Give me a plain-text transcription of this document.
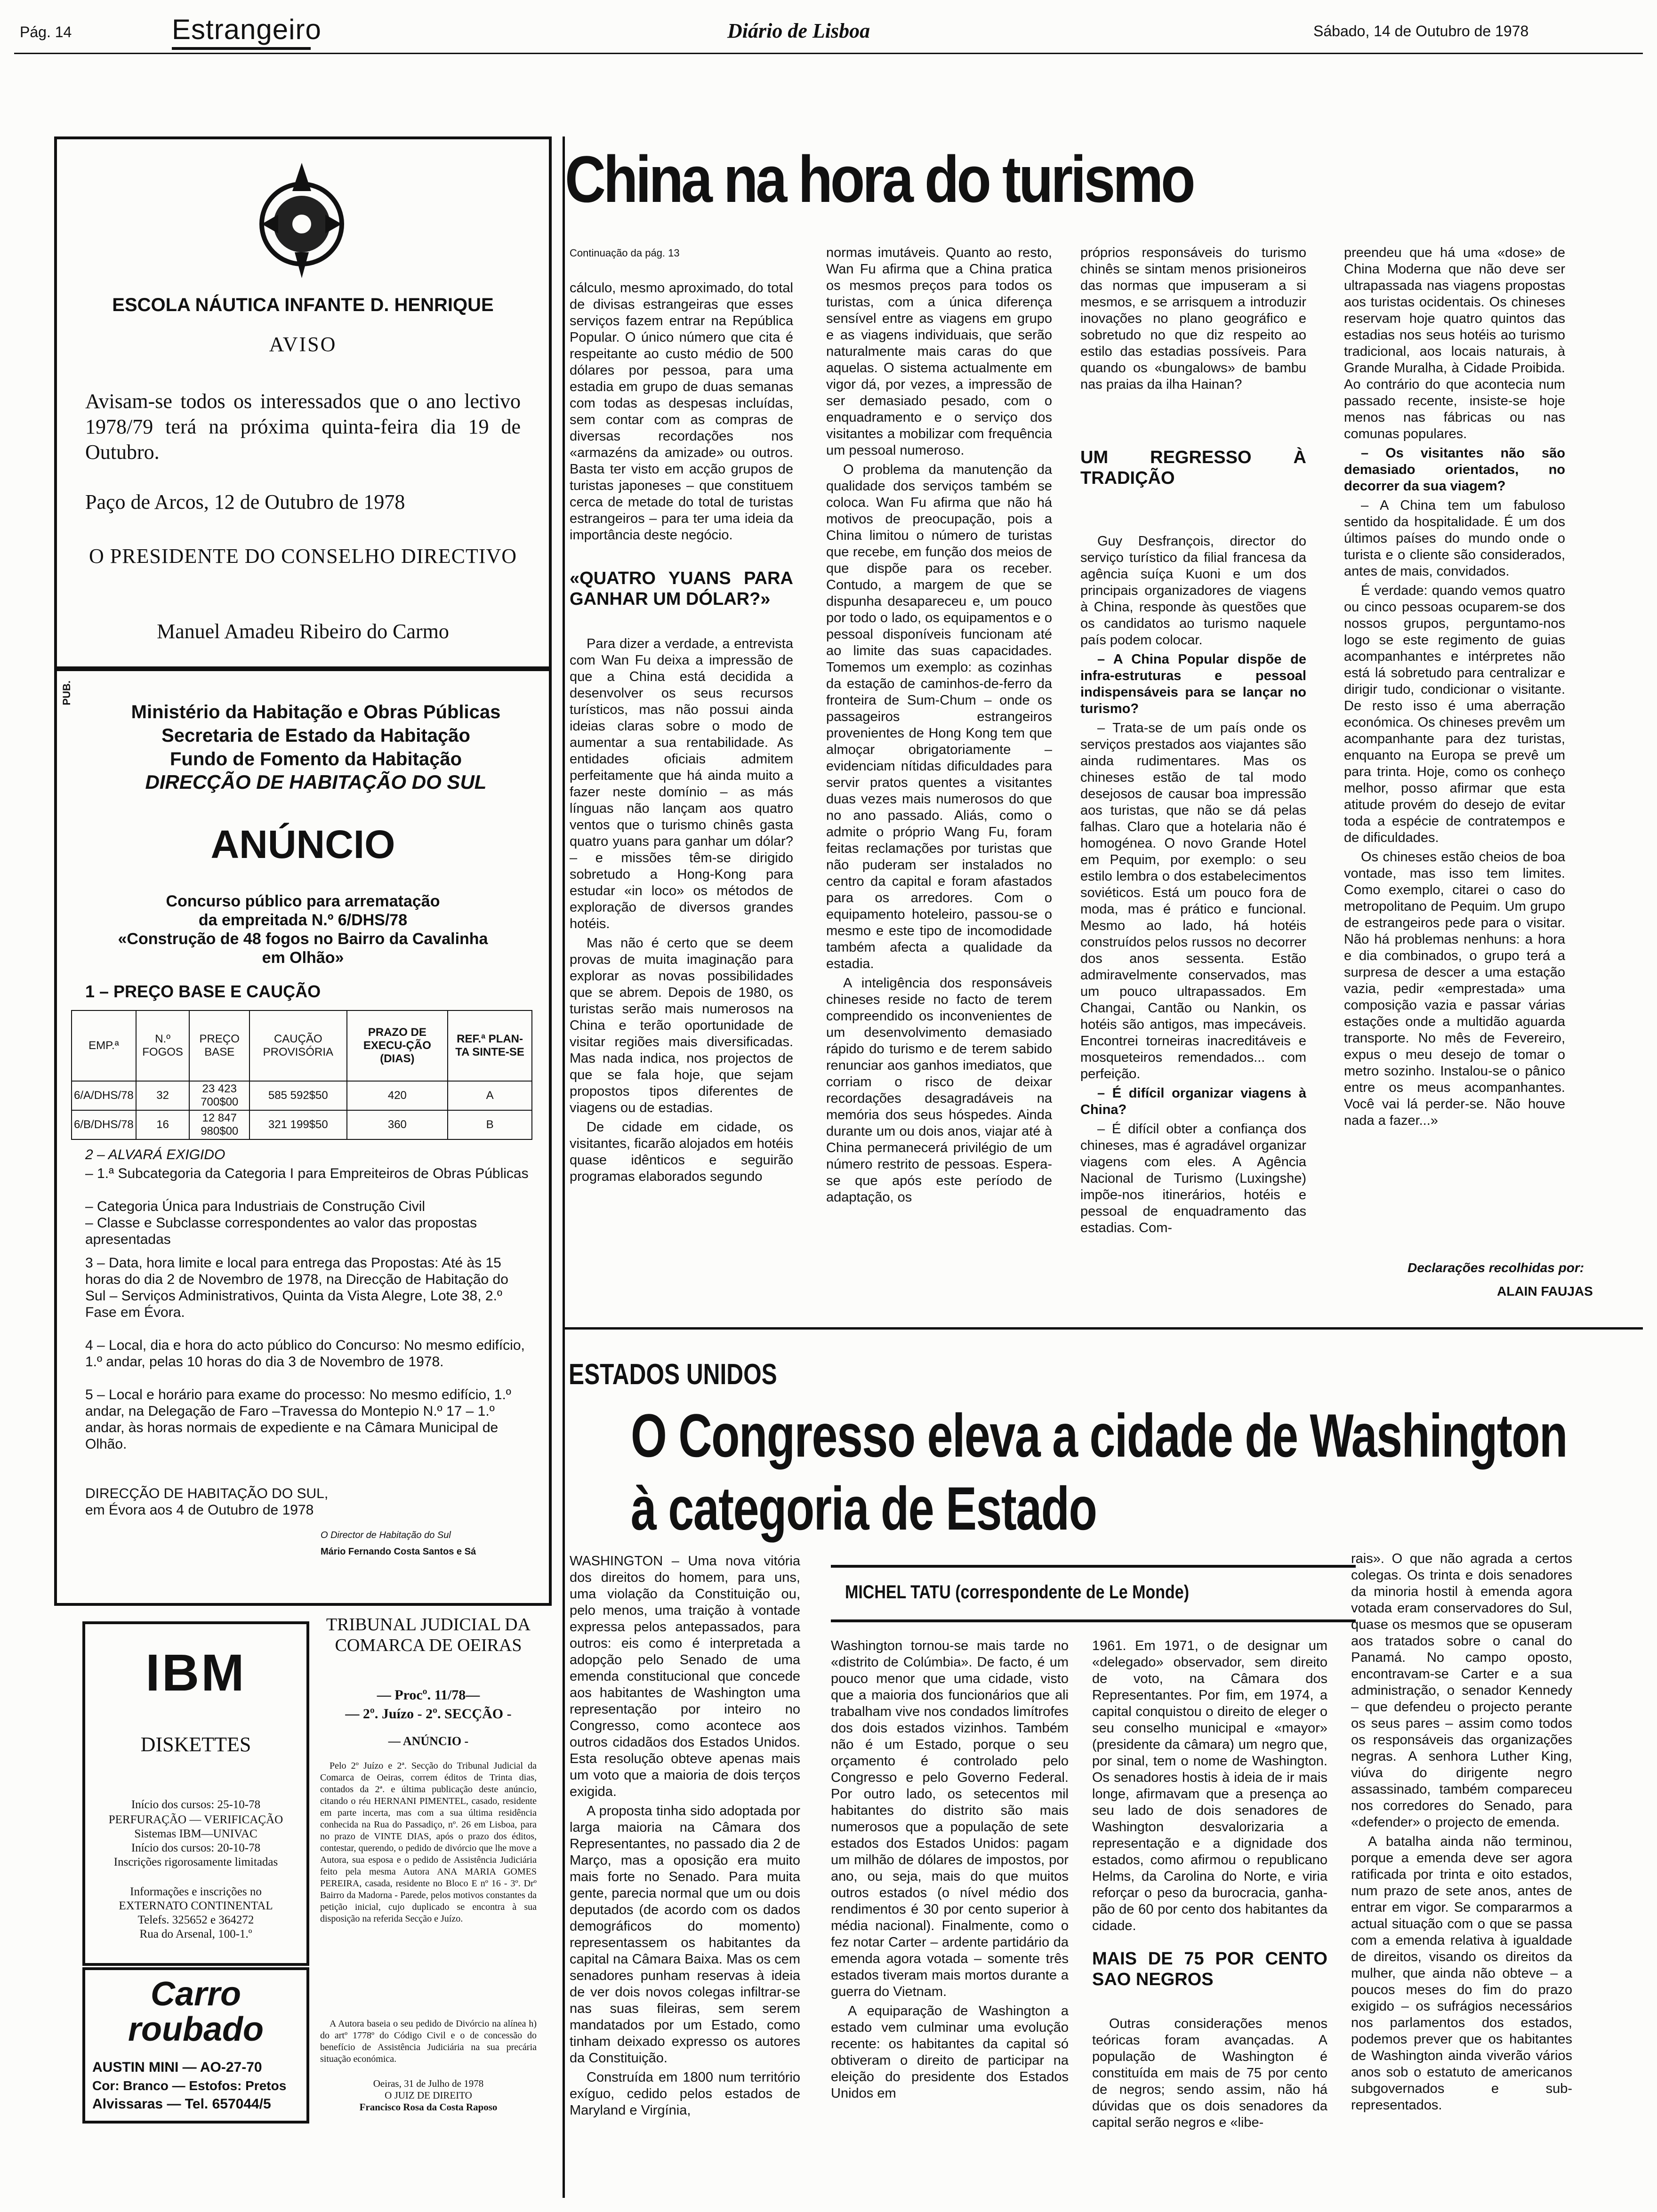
Pág. 14	Estrangeiro	Diário de Lisboa	Sábado, 14 de Outubro de 1978
ESCOLA NÁUTICA INFANTE D. HENRIQUE
AVISO
Avisam-se todos os interessados que o ano lectivo 1978/79 terá na próxima quinta-feira dia 19 de Outubro.
Paço de Arcos, 12 de Outubro de 1978
O PRESIDENTE DO CONSELHO DIRECTIVO
Manuel Amadeu Ribeiro do Carmo
PUB.
Ministério da Habitação e Obras Públicas
Secretaria de Estado da Habitação
Fundo de Fomento da Habitação
DIRECÇÃO DE HABITAÇÃO DO SUL
ANÚNCIO
Concurso público para arrematação
da empreitada N.º 6/DHS/78
«Construção de 48 fogos no Bairro da Cavalinha
em Olhão»
1 – PREÇO BASE E CAUÇÃO
EMP.ª	N.º FOGOS	PREÇO BASE	CAUÇÃO PROVISÓRIA	PRAZO DE EXECU-ÇÃO (DIAS)	REF.ª PLAN-TA SINTE-SE
6/A/DHS/78	32	23 423 700$00	585 592$50	420	A
6/B/DHS/78	16	12 847 980$00	321 199$50	360	B
2 – ALVARÁ EXIGIDO
– 1.ª Subcategoria da Categoria I para Empreiteiros de Obras Públicas
– Categoria Única para Industriais de Construção Civil
– Classe e Subclasse correspondentes ao valor das propostas apresentadas
3 – Data, hora limite e local para entrega das Propostas: Até às 15 horas do dia 2 de Novembro de 1978, na Direcção de Habitação do Sul – Serviços Administrativos, Quinta da Vista Alegre, Lote 38, 2.º Fase em Évora.
4 – Local, dia e hora do acto público do Concurso: No mesmo edifício, 1.º andar, pelas 10 horas do dia 3 de Novembro de 1978.
5 – Local e horário para exame do processo: No mesmo edifício, 1.º andar, na Delegação de Faro –Travessa do Montepio N.º 17 – 1.º andar, às horas normais de expediente e na Câmara Municipal de Olhão.
DIRECÇÃO DE HABITAÇÃO DO SUL,
em Évora aos 4 de Outubro de 1978
O Director de Habitação do Sul
Mário Fernando Costa Santos e Sá
IBM
DISKETTES
Início dos cursos: 25-10-78
PERFURAÇÃO — VERIFICAÇÃO
Sistemas IBM—UNIVAC
Início dos cursos: 20-10-78
Inscrições rigorosamente limitadas
Informações e inscrições no
EXTERNATO CONTINENTAL
Telefs. 325652 e 364272
Rua do Arsenal, 100-1.º
Carro
roubado
AUSTIN MINI — AO-27-70
Cor: Branco — Estofos: Pretos
Alvissaras — Tel. 657044/5
TRIBUNAL JUDICIAL DA COMARCA DE OEIRAS
— Procº. 11/78—
— 2º. Juízo - 2º. SECÇÃO -
— ANÚNCIO -
Pelo 2º Juízo e 2ª. Secção do Tribunal Judicial da Comarca de Oeiras, correm éditos de Trinta dias, contados da 2ª. e última publicação deste anúncio, citando o réu HERNANI PIMENTEL, casado, residente em parte incerta, mas com a sua última residência conhecida na Rua do Passadiço, nº. 26 em Lisboa, para no prazo de VINTE DIAS, após o prazo dos éditos, contestar, querendo, o pedido de divórcio que lhe move a Autora, sua esposa e o pedido de Assistência Judiciária feito pela mesma Autora ANA MARIA GOMES PEREIRA, casada, residente no Bloco E nº 16 - 3º. Drº Bairro da Madorna - Parede, pelos motivos constantes da petição inicial, cujo duplicado se encontra à sua disposição na referida Secção e Juízo.
A Autora baseia o seu pedido de Divórcio na alínea h) do artº 1778º do Código Civil e o de concessão do benefício de Assistência Judiciária na sua precária situação económica.
Oeiras, 31 de Julho de 1978
O JUIZ DE DIREITO
Francisco Rosa da Costa Raposo
China na hora do turismo
Continuação da pág. 13

cálculo, mesmo aproximado, do total de divisas estrangeiras que esses serviços fazem entrar na República Popular. O único número que cita é respeitante ao custo médio de 500 dólares por pessoa, para uma estadia em grupo de duas semanas com todas as despesas incluídas, sem contar com as compras de diversas recordações nos «armazéns da amizade» ou outros. Basta ter visto em acção grupos de turistas japoneses – que constituem cerca de metade do total de turistas estrangeiros – para ter uma ideia da importância deste negócio.

«QUATRO YUANS PARA GANHAR UM DÓLAR?»

Para dizer a verdade, a entrevista com Wan Fu deixa a impressão de que a China está decidida a desenvolver os seus recursos turísticos, mas não possui ainda ideias claras sobre o modo de aumentar a sua rentabilidade. As entidades oficiais admitem perfeitamente que há ainda muito a fazer neste domínio – as más línguas não lançam aos quatro ventos que o turismo chinês gasta quatro yuans para ganhar um dólar? – e missões têm-se dirigido sobretudo a Hong-Kong para estudar «in loco» os métodos de exploração de diversos grandes hotéis.

Mas não é certo que se deem provas de muita imaginação para explorar as novas possibilidades que se abrem. Depois de 1980, os turistas serão mais numerosos na China e terão oportunidade de visitar regiões mais diversificadas. Mas nada indica, nos projectos de que se fala hoje, que sejam propostos tipos diferentes de viagens ou de estadias.

De cidade em cidade, os visitantes, ficarão alojados em hotéis quase idênticos e seguirão programas elaborados segundo

normas imutáveis. Quanto ao resto, Wan Fu afirma que a China pratica os mesmos preços para todos os turistas, com a única diferença sensível entre as viagens em grupo e as viagens individuais, que serão naturalmente mais caras do que aquelas. O sistema actualmente em vigor dá, por vezes, a impressão de ser demasiado pesado, com o enquadramento e o serviço dos visitantes a mobilizar com frequência um pessoal numeroso.

O problema da manutenção da qualidade dos serviços também se coloca. Wan Fu afirma que não há motivos de preocupação, pois a China limitou o número de turistas que recebe, em função dos meios de que dispõe para os receber. Contudo, a margem de que se dispunha desapareceu e, um pouco por todo o lado, os equipamentos e o pessoal disponíveis funcionam até ao limite das suas capacidades. Tomemos um exemplo: as cozinhas da estação de caminhos-de-ferro da fronteira de Sum-Chum – onde os passageiros estrangeiros provenientes de Hong Kong tem que almoçar obrigatoriamente – evidenciam nítidas dificuldades para servir pratos quentes a visitantes duas vezes mais numerosos do que no ano passado. Aliás, como o admite o próprio Wang Fu, foram feitas reclamações por turistas que não puderam ser instalados no centro da capital e foram afastados para os arredores. Com o equipamento hoteleiro, passou-se o mesmo e este tipo de incomodidade também afecta a qualidade da estadia.

A inteligência dos responsáveis chineses reside no facto de terem compreendido os inconvenientes de um desenvolvimento demasiado rápido do turismo e de terem sabido renunciar aos ganhos imediatos, que corriam o risco de deixar recordações desagradáveis na memória dos seus hóspedes. Ainda durante um ou dois anos, viajar até à China permanecerá privilégio de um número restrito de pessoas. Espera-se que após este período de adaptação, os

próprios responsáveis do turismo chinês se sintam menos prisioneiros das normas que impuseram a si mesmos, e se arrisquem a introduzir inovações no plano geográfico e sobretudo no que diz respeito ao estilo das estadias possíveis. Para quando os «bungalows» de bambu nas praias da ilha Hainan?

UM REGRESSO À TRADIÇÃO

Guy Desfrançois, director do serviço turístico da filial francesa da agência suíça Kuoni e um dos principais organizadores de viagens à China, responde às questões que os candidatos ao turismo naquele país podem colocar.

– A China Popular dispõe de infra-estruturas e pessoal indispensáveis para se lançar no turismo?

– Trata-se de um país onde os serviços prestados aos viajantes são ainda rudimentares. Mas os chineses estão de tal modo desejosos de causar boa impressão aos turistas, que não se dá pelas falhas. Claro que a hotelaria não é homogénea. O novo Grande Hotel em Pequim, por exemplo: o seu estilo lembra o dos estabelecimentos soviéticos. Está um pouco fora de moda, mas é prático e funcional. Mesmo ao lado, há hotéis construídos pelos russos no decorrer dos anos sessenta. Estão admiravelmente conservados, mas um pouco ultrapassados. Em Changai, Cantão ou Nankin, os hotéis são antigos, mas impecáveis. Encontrei torneiras inacreditáveis e mosqueteiros remendados... com perfeição.

– É difícil organizar viagens à China?

– É difícil obter a confiança dos chineses, mas é agradável organizar viagens com eles. A Agência Nacional de Turismo (Luxingshe) impõe-nos itinerários, hotéis e pessoal de enquadramento das estadias. Com-

preendeu que há uma «dose» de China Moderna que não deve ser ultrapassada nas viagens propostas aos turistas ocidentais. Os chineses reservam hoje quatro quintos das estadias nos seus hotéis ao turismo tradicional, aos locais naturais, à Grande Muralha, à Cidade Proibida. Ao contrário do que acontecia num passado recente, insiste-se hoje menos nas fábricas ou nas comunas populares.

– Os visitantes não são demasiado orientados, no decorrer da sua viagem?

– A China tem um fabuloso sentido da hospitalidade. É um dos últimos países do mundo onde o turista e o cliente são considerados, antes de mais, convidados.

É verdade: quando vemos quatro ou cinco pessoas ocuparem-se dos nossos grupos, perguntamo-nos logo se este regimento de guias acompanhantes e intérpretes não está lá sobretudo para centralizar e dirigir tudo, condicionar o visitante. De resto isso é uma aberração económica. Os chineses prevêm um acompanhante para dez turistas, enquanto na Europa se prevê um para trinta. Hoje, como os conheço melhor, posso afirmar que esta atitude provém do desejo de evitar toda a espécie de contratempos e de dificuldades.

Os chineses estão cheios de boa vontade, mas isso tem limites. Como exemplo, citarei o caso do metropolitano de Pequim. Um grupo de estrangeiros pede para o visitar. Não há problemas nenhuns: a hora e dia combinados, o grupo terá a surpresa de descer a uma estação vazia, pedir «emprestada» uma composição vazia e passar várias estações onde a multidão aguarda transporte. No mês de Fevereiro, expus o meu desejo de tomar o metro sozinho. Instalou-se o pânico entre os meus acompanhantes. Você vai lá perder-se. Não houve nada a fazer...»

Declarações recolhidas por:
ALAIN FAUJAS
ESTADOS UNIDOS
O Congresso eleva a cidade de Washington
à categoria de Estado

WASHINGTON – Uma nova vitória dos direitos do homem, para uns, uma violação da Constituição ou, pelo menos, uma traição à vontade expressa pelos antepassados, para outros: eis como é interpretada a adopção pelo Senado de uma emenda constitucional que concede aos habitantes de Washington uma representação por inteiro no Congresso, como acontece aos outros cidadãos dos Estados Unidos. Esta resolução obteve apenas mais um voto que a maioria de dois terços exigida.

A proposta tinha sido adoptada por larga maioria na Câmara dos Representantes, no passado dia 2 de Março, mas a oposição era muito mais forte no Senado. Para muita gente, parecia normal que um ou dois deputados (de acordo com os dados demográficos do momento) representassem os habitantes da capital na Câmara Baixa. Mas os cem senadores punham reservas à ideia de ver dois novos colegas infiltrar-se nas suas fileiras, sem serem mandatados por um Estado, como tinham deixado expresso os autores da Constituição.

Construída em 1800 num território exíguo, cedido pelos estados de Maryland e Virgínia,

MICHEL TATU (correspondente de Le Monde)

Washington tornou-se mais tarde no «distrito de Colúmbia». De facto, é um pouco menor que uma cidade, visto que a maioria dos funcionários que ali trabalham vive nos condados limítrofes dos dois estados vizinhos. Também não é um Estado, porque o seu orçamento é controlado pelo Congresso e pelo Governo Federal. Por outro lado, os setecentos mil habitantes do distrito são mais numerosos que a população de sete estados dos Estados Unidos: pagam um milhão de dólares de impostos, por ano, ou seja, mais do que muitos outros estados (o nível médio dos rendimentos é 30 por cento superior à média nacional). Finalmente, como o fez notar Carter – ardente partidário da emenda agora votada – somente três estados tiveram mais mortos durante a guerra do Vietnam.

A equiparação de Washington a estado vem culminar uma evolução recente: os habitantes da capital só obtiveram o direito de participar na eleição do presidente dos Estados Unidos em

1961. Em 1971, o de designar um «delegado» observador, sem direito de voto, na Câmara dos Representantes. Por fim, em 1974, a capital conquistou o direito de eleger o seu conselho municipal e «mayor» (presidente da câmara) um negro que, por sinal, tem o nome de Washington. Os senadores hostis à ideia de ir mais longe, afirmavam que a presença ao seu lado de dois senadores de Washington desvalorizaria a representação e a dignidade dos estados, como afirmou o republicano Helms, da Carolina do Norte, e viria reforçar o peso da burocracia, ganha-pão de 60 por cento dos habitantes da cidade.

MAIS DE 75 POR CENTO SAO NEGROS

Outras considerações menos teóricas foram avançadas. A população de Washington é constituída em mais de 75 por cento de negros; sendo assim, não há dúvidas que os dois senadores da capital serão negros e «libe-

rais». O que não agrada a certos colegas. Os trinta e dois senadores da minoria hostil à emenda agora votada eram conservadores do Sul, quase os mesmos que se opuseram aos tratados sobre o canal do Panamá. No campo oposto, encontravam-se Carter e a sua administração, o senador Kennedy – que defendeu o projecto perante os seus pares – assim como todos os responsáveis das organizações negras. A senhora Luther King, viúva do dirigente negro assassinado, também compareceu nos corredores do Senado, para «defender» o projecto de emenda.

A batalha ainda não terminou, porque a emenda deve ser agora ratificada por trinta e oito estados, num prazo de sete anos, antes de entrar em vigor. Se compararmos a actual situação com o que se passa com a emenda relativa à igualdade de direitos, visando os direitos da mulher, que ainda não obteve – a poucos meses do fim do prazo exigido – os sufrágios necessários nos parlamentos dos estados, podemos prever que os habitantes de Washington ainda viverão vários anos sob o estatuto de americanos subgovernados e sub-representados.
